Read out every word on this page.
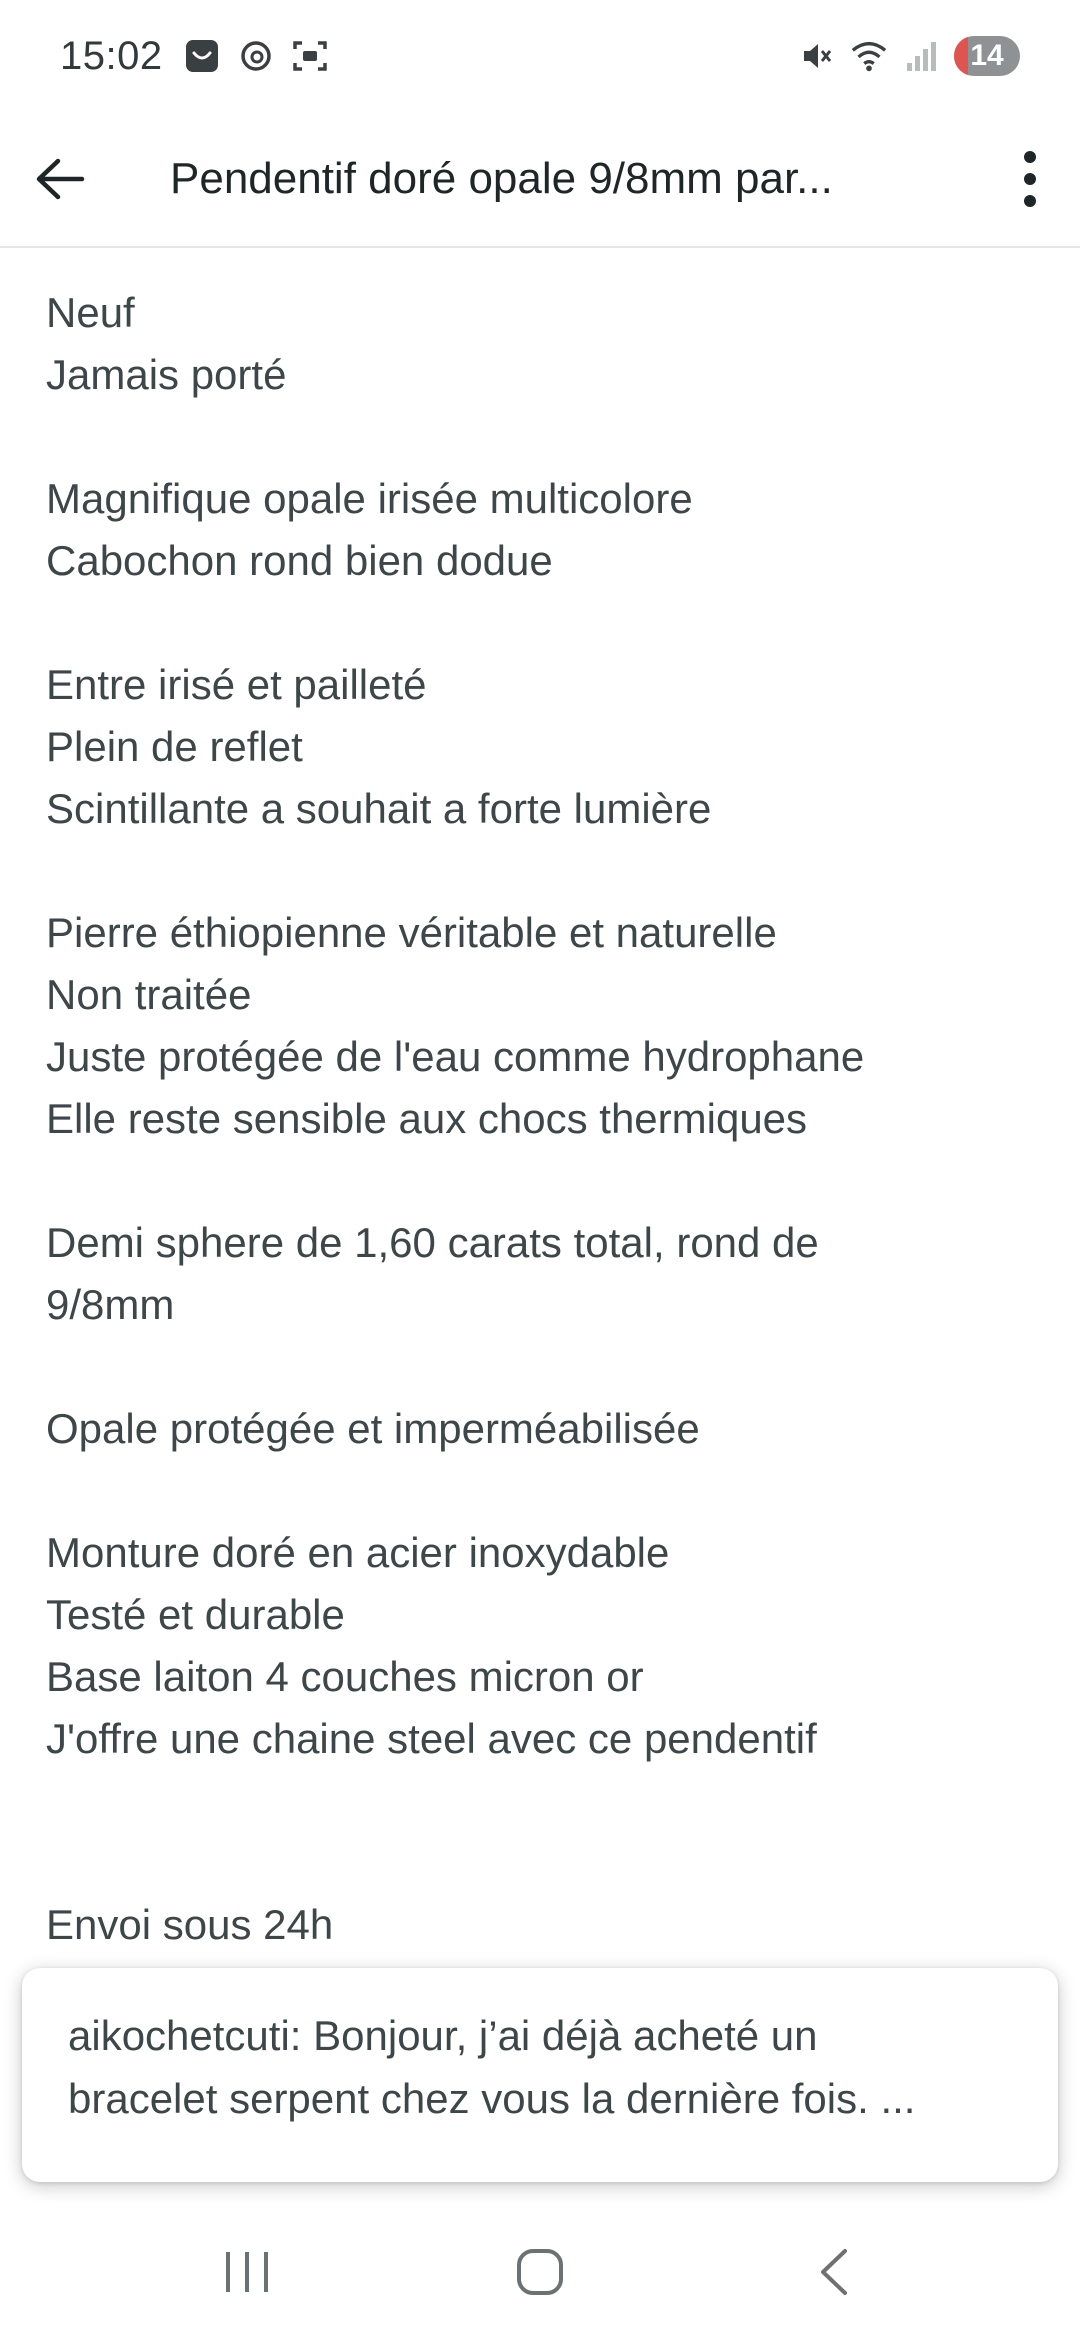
15:02	14
Pendentif doré opale 9/8mm par...
Neuf
Jamais porté
Magnifique opale irisée multicolore
Cabochon rond bien dodue
Entre irisé et pailleté
Plein de reflet
Scintillante a souhait a forte lumière
Pierre éthiopienne véritable et naturelle
Non traitée
Juste protégée de l'eau comme hydrophane
Elle reste sensible aux chocs thermiques
Demi sphere de 1,60 carats total, rond de
9/8mm
Opale protégée et imperméabilisée
Monture doré en acier inoxydable
Testé et durable
Base laiton 4 couches micron or
J'offre une chaine steel avec ce pendentif
Envoi sous 24h
aikochetcuti: Bonjour, j’ai déjà acheté un
bracelet serpent chez vous la dernière fois. ...
